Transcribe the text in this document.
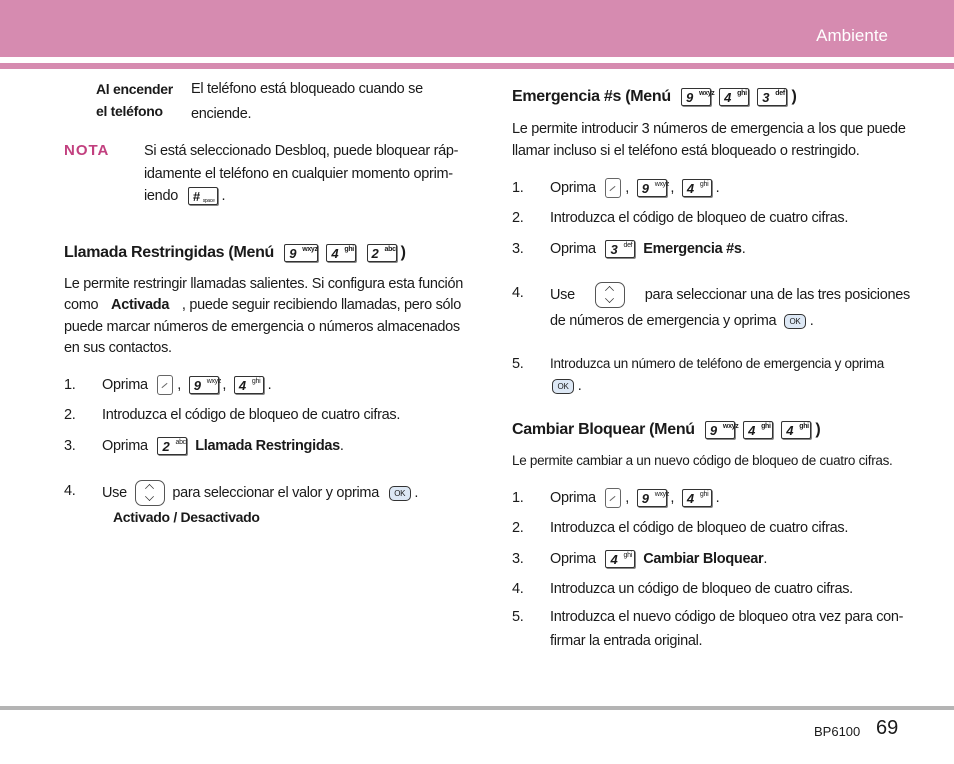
Ambiente
Al encender
el teléfono
El teléfono está bloqueado cuando se
enciende.
NOTA Si está seleccionado Desbloq, puede bloquear ráp-
idamente el teléfono en cualquier momento oprim-
iendo # space .
Llamada Restringidas (Menú 9 wxyz
4 ghi
2 abc )
Le permite restringir llamadas salientes. Si configura esta función
como Activada , puede seguir recibiendo llamadas, pero sólo
puede marcar números de emergencia o números almacenados
en sus contactos.
1. Oprima , 9 wxyz , 4 ghi .
2. Introduzca el código de bloqueo de cuatro cifras.
3. Oprima 2 abc Llamada Restringidas.
4. Use	para seleccionar el valor y oprima OK .
Activado / Desactivado
Emergencia #s (Menú 9 wxyz
4 ghi
3 def )
Le permite introducir 3 números de emergencia a los que puede
llamar incluso si el teléfono está bloqueado o restringido.
1. Oprima , 9 wxyz , 4 ghi .
2. Introduzca el código de bloqueo de cuatro cifras.
3. Oprima 3 def Emergencia #s.
4. Use	para seleccionar una de las tres posiciones
de números de emergencia y oprima OK .
5. Introduzca un número de teléfono de emergencia y oprima
OK .
Cambiar Bloquear (Menú 9 wxyz
4 ghi
4 ghi )
Le permite cambiar a un nuevo código de bloqueo de cuatro cifras.
1. Oprima , 9 wxyz , 4 ghi .
2. Introduzca el código de bloqueo de cuatro cifras.
3. Oprima 4 ghi Cambiar Bloquear.
4. Introduzca un código de bloqueo de cuatro cifras.
5. Introduzca el nuevo código de bloqueo otra vez para con-
firmar la entrada original.
BP6100 69
